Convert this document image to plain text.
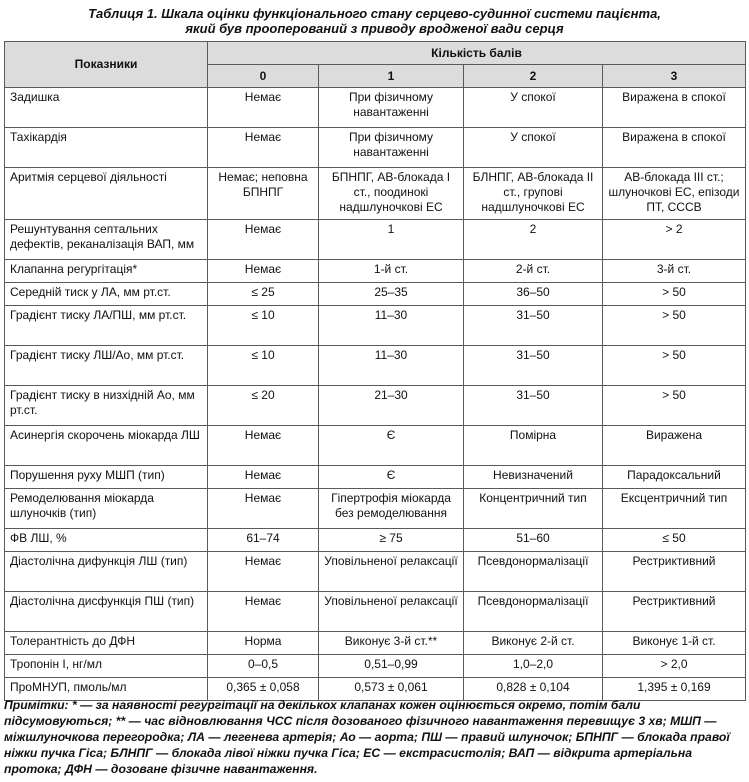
Таблиця 1. Шкала оцінки функціонального стану серцево-судинної системи пацієнта,
який був прооперований з приводу вродженої вади серця
Показники	Кількість балів			
	0	1	2	3
Задишка	Немає	При фізичному навантаженні	У спокої	Виражена в спокої
Тахікардія	Немає	При фізичному навантаженні	У спокої	Виражена в спокої
Аритмія серцевої діяльності	Немає; неповна БПНПГ	БПНПГ, АВ-блокада I ст., поодинокі надшлуночкові ЕС	БЛНПГ, АВ-блокада II ст., групові надшлуночкові ЕС	АВ-блокада III ст.; шлуночкові ЕС, епізоди ПТ, СССВ
Решунтування септальних дефектів, реканалізація ВАП, мм	Немає	1	2	> 2
Клапанна регургітація*	Немає	1-й ст.	2-й ст.	3-й ст.
Середній тиск у ЛА, мм рт.ст.	≤ 25	25–35	36–50	> 50
Градієнт тиску ЛА/ПШ, мм рт.ст.	≤ 10	11–30	31–50	> 50
Градієнт тиску ЛШ/Ао, мм рт.ст.	≤ 10	11–30	31–50	> 50
Градієнт тиску в низхідній Ао, мм рт.ст.	≤ 20	21–30	31–50	> 50
Асинергія скорочень міокарда ЛШ	Немає	Є	Помірна	Виражена
Порушення руху МШП (тип)	Немає	Є	Невизначений	Парадоксальний
Ремоделювання міокарда шлуночків (тип)	Немає	Гіпертрофія міокарда без ремоделювання	Концентричний тип	Ексцентричний тип
ФВ ЛШ, %	61–74	≥ 75	51–60	≤ 50
Діастолічна дифункція ЛШ (тип)	Немає	Уповільненої релаксації	Псевдонормалізації	Рестриктивний
Діастолічна дисфункція ПШ (тип)	Немає	Уповільненої релаксації	Псевдонормалізації	Рестриктивний
Толерантність до ДФН	Норма	Виконує 3-й ст.**	Виконує 2-й ст.	Виконує 1-й ст.
Тропонін I, нг/мл	0–0,5	0,51–0,99	1,0–2,0	> 2,0
ПроМНУП, пмоль/мл	0,365 ± 0,058	0,573 ± 0,061	0,828 ± 0,104	1,395 ± 0,169
Примітки: * — за наявності регургітації на декількох клапанах кожен оцінюється окремо, потім бали підсумовуються; ** — час відновлювання ЧСС після дозованого фізичного навантаження перевищує 3 хв; МШП — міжшлуночкова перегородка; ЛА — легенева артерія; Ао — аорта; ПШ — правий шлуночок; БПНПГ — блокада правої ніжки пучка Гіса; БЛНПГ — блокада лівої ніжки пучка Гіса; ЕС — екстрасистолія; ВАП — відкрита артеріальна протока; ДФН — дозоване фізичне навантаження.
